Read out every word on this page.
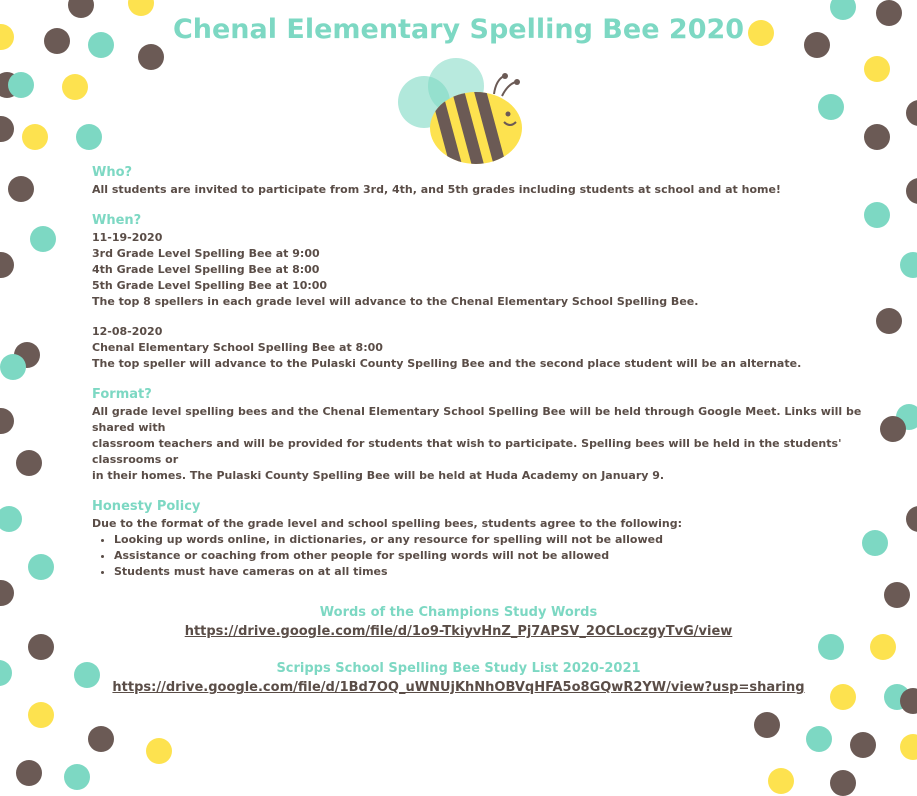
Chenal Elementary Spelling Bee 2020

Who?

All students are invited to participate from 3rd, 4th, and 5th grades including students at school and at home!

When?

11-19-2020

3rd Grade Level Spelling Bee at 9:00

4th Grade Level Spelling Bee at 8:00

5th Grade Level Spelling Bee at 10:00

The top 8 spellers in each grade level will advance to the Chenal Elementary School Spelling Bee.

12-08-2020

Chenal Elementary School Spelling Bee at 8:00

The top speller will advance to the Pulaski County Spelling Bee and the second place student will be an alternate.

Format?

All grade level spelling bees and the Chenal Elementary School Spelling Bee will be held through Google Meet. Links will be shared with

classroom teachers and will be provided for students that wish to participate. Spelling bees will be held in the students' classrooms or

in their homes. The Pulaski County Spelling Bee will be held at Huda Academy on January 9.

Honesty Policy

Due to the format of the grade level and school spelling bees, students agree to the following:

• Looking up words online, in dictionaries, or any resource for spelling will not be allowed
• Assistance or coaching from other people for spelling words will not be allowed
• Students must have cameras on at all times

Words of the Champions Study Words

https://drive.google.com/file/d/1o9-TkiyvHnZ_Pj7APSV_2OCLoczgyTvG/view

Scripps School Spelling Bee Study List 2020-2021

https://drive.google.com/file/d/1Bd7OQ_uWNUjKhNhOBVqHFA5o8GQwR2YW/view?usp=sharing
